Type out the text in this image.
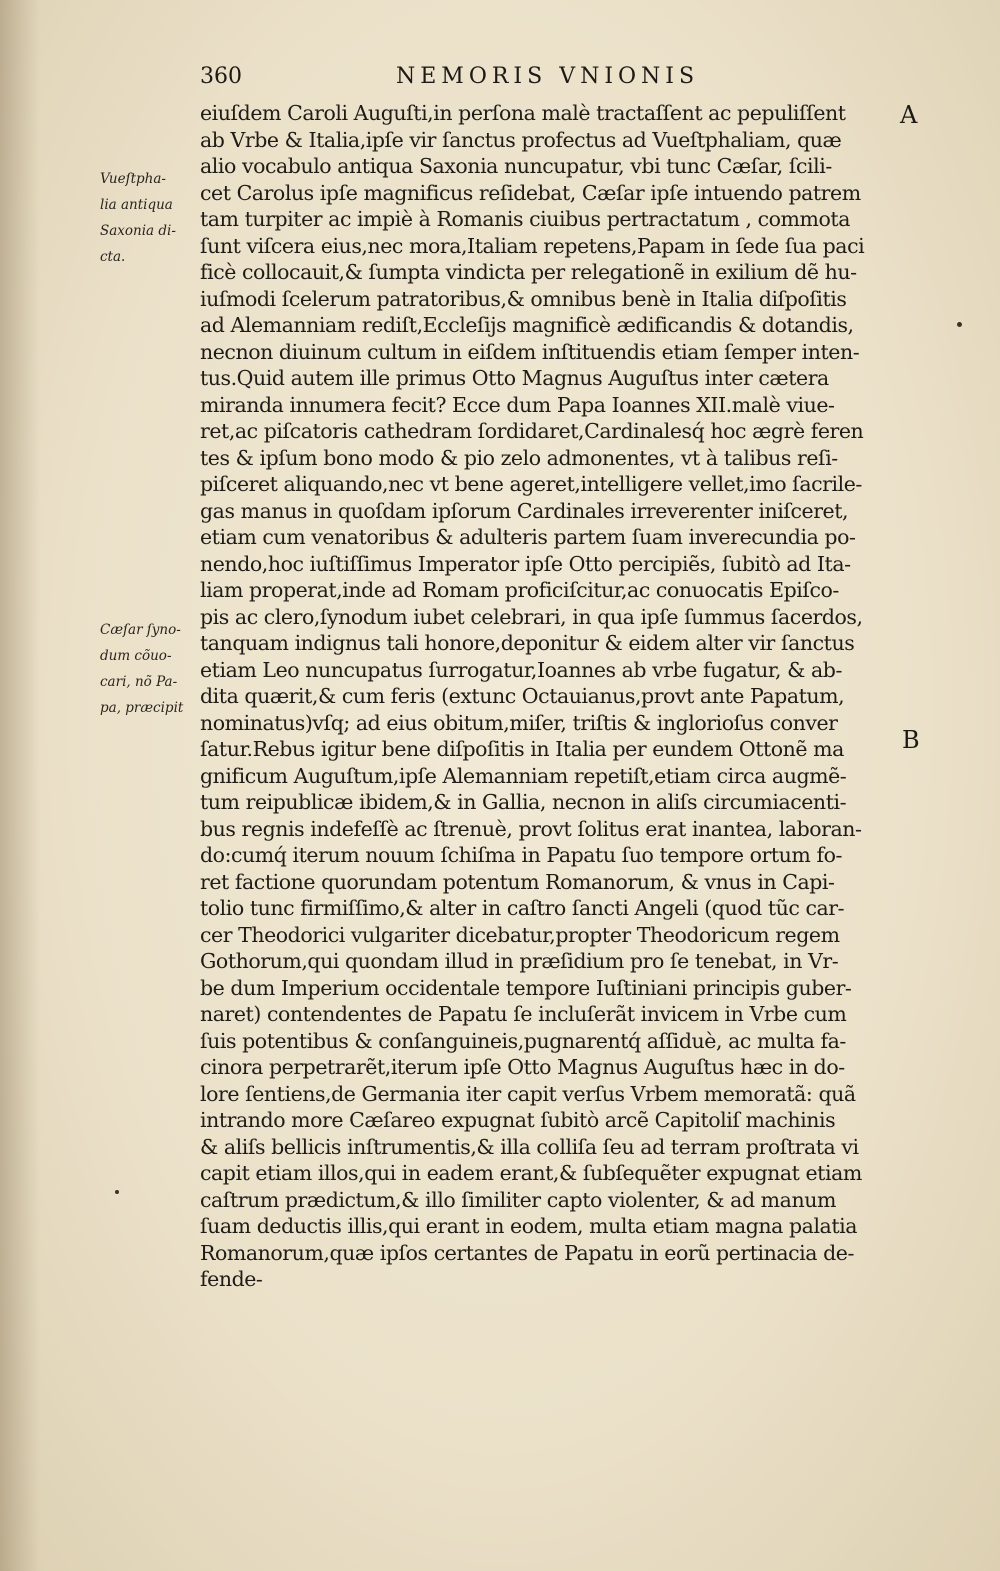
360	NEMORIS VNIONIS
Vueſtpha-
lia antiqua
Saxonia di-
cta.
Cæſar ſyno-
dum cõuo-
cari, nõ Pa-
pa, præcipit
A
B
eiuſdem Caroli Auguſti,in perſona malè tractaſſent ac pepuliſſent
ab Vrbe & Italia,ipſe vir ſanctus profectus ad Vueſtphaliam, quæ
alio vocabulo antiqua Saxonia nuncupatur, vbi tunc Cæſar, ſcili-
cet Carolus ipſe magnificus reſidebat, Cæſar ipſe intuendo patrem
tam turpiter ac impiè à Romanis ciuibus pertractatum , commota
ſunt viſcera eius,nec mora,Italiam repetens,Papam in ſede ſua paci
ficè collocauit,& ſumpta vindicta per relegationẽ in exilium dẽ hu-
iuſmodi ſcelerum patratoribus,& omnibus benè in Italia diſpoſitis
ad Alemanniam rediſt,Eccleſijs magnificè ædificandis & dotandis,
necnon diuinum cultum in eiſdem inſtituendis etiam ſemper inten-
tus.Quid autem ille primus Otto Magnus Auguſtus inter cætera
miranda innumera fecit? Ecce dum Papa Ioannes XII.malè viue-
ret,ac piſcatoris cathedram ſordidaret,Cardinalesq́ hoc ægrè feren
tes & ipſum bono modo & pio zelo admonentes, vt à talibus reſi-
piſceret aliquando,nec vt bene ageret,intelligere vellet,imo ſacrile-
gas manus in quoſdam ipſorum Cardinales irreverenter iniſceret,
etiam cum venatoribus & adulteris partem ſuam inverecundia po-
nendo,hoc iuſtiſſimus Imperator ipſe Otto percipiẽs, ſubitò ad Ita-
liam properat,inde ad Romam proficiſcitur,ac conuocatis Epiſco-
pis ac clero,ſynodum iubet celebrari, in qua ipſe ſummus ſacerdos,
tanquam indignus tali honore,deponitur & eidem alter vir ſanctus
etiam Leo nuncupatus ſurrogatur,Ioannes ab vrbe fugatur, & ab-
dita quærit,& cum feris (extunc Octauianus,provt ante Papatum,
nominatus)vſq; ad eius obitum,miſer, triſtis & inglorioſus conver
ſatur.Rebus igitur bene diſpoſitis in Italia per eundem Ottonẽ ma
gnificum Auguſtum,ipſe Alemanniam repetiſt,etiam circa augmẽ-
tum reipublicæ ibidem,& in Gallia, necnon in aliſs circumiacenti-
bus regnis indefeſſè ac ſtrenuè, provt ſolitus erat inantea, laboran-
do:cumq́ iterum nouum ſchiſma in Papatu ſuo tempore ortum fo-
ret factione quorundam potentum Romanorum, & vnus in Capi-
tolio tunc firmiſſimo,& alter in caſtro ſancti Angeli (quod tũc car-
cer Theodorici vulgariter dicebatur,propter Theodoricum regem
Gothorum,qui quondam illud in præſidium pro ſe tenebat, in Vr-
be dum Imperium occidentale tempore Iuſtiniani principis guber-
naret) contendentes de Papatu ſe incluſerãt invicem in Vrbe cum
ſuis potentibus & conſanguineis,pugnarentq́ aſſiduè, ac multa fa-
cinora perpetrarẽt,iterum ipſe Otto Magnus Auguſtus hæc in do-
lore ſentiens,de Germania iter capit verſus Vrbem memoratã: quã
intrando more Cæſareo expugnat ſubitò arcẽ Capitoliſ machinis
& aliſs bellicis inſtrumentis,& illa colliſa ſeu ad terram proſtrata vi
capit etiam illos,qui in eadem erant,& ſubſequẽter expugnat etiam
caſtrum prædictum,& illo ſimiliter capto violenter, & ad manum
ſuam deductis illis,qui erant in eodem, multa etiam magna palatia
Romanorum,quæ ipſos certantes de Papatu in eorũ pertinacia de-
fende-
